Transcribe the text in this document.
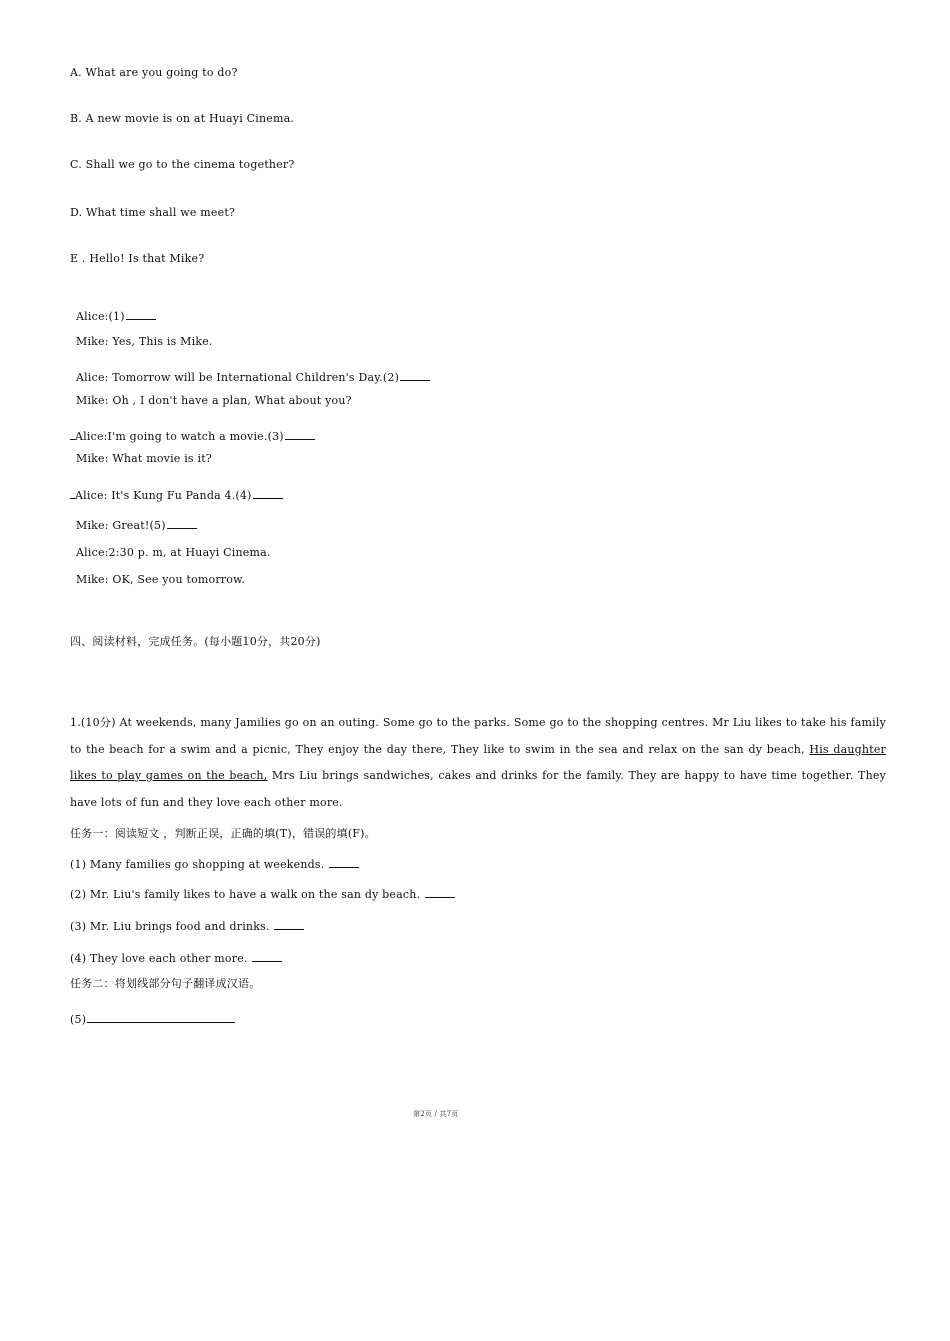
A. What are you going to do?
B. A new movie is on at Huayi Cinema.
C. Shall we go to the cinema together?
D. What time shall we meet?
E . Hello! Is that Mike?
Alice:(1)
Mike: Yes, This is Mike.
Alice: Tomorrow will be International Children's Day.(2)
Mike: Oh , I don't have a plan, What about you?
Alice:I'm going to watch a movie.(3)
Mike: What movie is it?
Alice: It's Kung Fu Panda 4.(4)
Mike: Great!(5)
Alice:2:30 p. m, at Huayi Cinema.
Mike: OK, See you tomorrow.
四、阅读材料，完成任务。(每小题10分，共20分)
1.(10分) At weekends, many Jamilies go on an outing. Some go to the parks. Some go to the shopping centres. Mr Liu likes to take his family to the beach for a swim and a picnic, They enjoy the day there, They like to swim in the sea and relax on the san dy beach, His daughter likes to play games on the beach, Mrs Liu brings sandwiches, cakes and drinks for the family. They are happy to have time together. They have lots of fun and they love each other more.
任务一：阅读短文 ，判断正误，正确的填(T)，错误的填(F)。
(1) Many families go shopping at weekends.
(2) Mr. Liu's family likes to have a walk on the san dy beach.
(3) Mr. Liu brings food and drinks.
(4) They love each other more.
任务二：将划线部分句子翻译成汉语。
(5)
第2页 / 共7页
